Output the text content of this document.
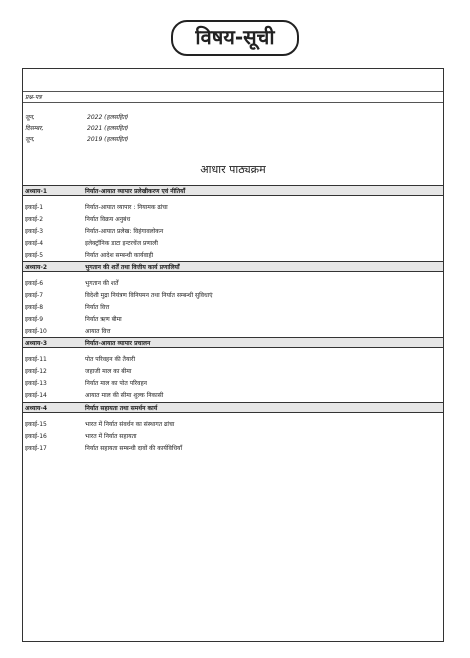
विषय-सूची
प्रश्न-पत्र
जून,	2022 (हलसहित)
दिसम्बर,	2021 (हलसहित)
जून,	2019 (हलसहित)
आधार पाठ्यक्रम
अध्याय-1	निर्यात-आयात व्यापार प्रलेखीकरण एवं नीतियाँ
इकाई-1	निर्यात-आयात व्यापार : नियामक ढांचा
इकाई-2	निर्यात विक्रय अनुबंध
इकाई-3	निर्यात-आयात प्रलेख: विहंगावलोकन
इकाई-4	इलेक्ट्रॉनिक डाटा इन्टरचेंज प्रणाली
इकाई-5	निर्यात आदेश सम्बन्धी कार्यवाही
अध्याय-2	भुगतान की शर्तें तथा वित्तीय कार्य प्रणालियाँ
इकाई-6	भुगतान की शर्तें
इकाई-7	विदेशी मुद्रा नियंत्रण विनियमन तथा निर्यात सम्बन्धी सुविधाएं
इकाई-8	निर्यात वित्त
इकाई-9	निर्यात ऋण बीमा
इकाई-10	आयात वित्त
अध्याय-3	निर्यात-आयात व्यापार प्रचालन
इकाई-11	पोत परिवहन की तैयारी
इकाई-12	जहाजी माल का बीमा
इकाई-13	निर्यात माल का पोत परिवहन
इकाई-14	आयात माल की सीमा शुल्क निकासी
अध्याय-4	निर्यात सहायता तथा समर्थन कार्य
इकाई-15	भारत में निर्यात संवर्धन का संस्थागत ढांचा
इकाई-16	भारत में निर्यात सहायता
इकाई-17	निर्यात सहायता सम्बन्धी दावों की कार्यविधियाँ
